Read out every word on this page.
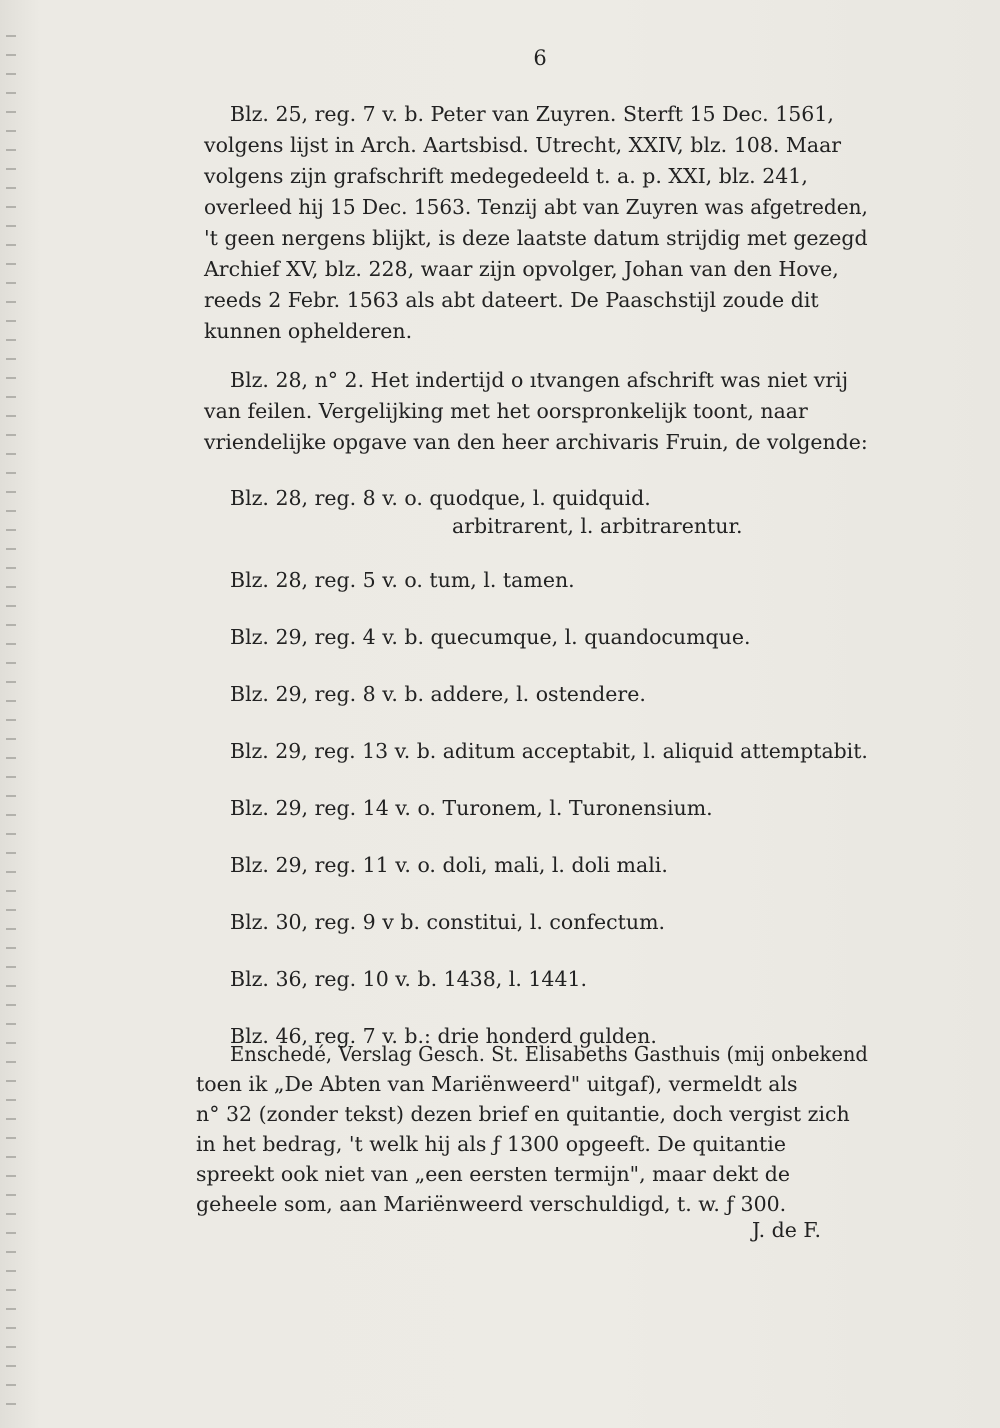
6
Blz. 25, reg. 7 v. b. Peter van Zuyren. Sterft 15 Dec. 1561,
volgens lijst in Arch. Aartsbisd. Utrecht, XXIV, blz. 108. Maar
volgens zijn grafschrift medegedeeld t. a. p. XXI, blz. 241,
overleed hij 15 Dec. 1563. Tenzij abt van Zuyren was afgetreden,
't geen nergens blijkt, is deze laatste datum strijdig met gezegd
Archief XV, blz. 228, waar zijn opvolger, Johan van den Hove,
reeds 2 Febr. 1563 als abt dateert. De Paaschstijl zoude dit
kunnen ophelderen.
Blz. 28, n° 2. Het indertijd o ıtvangen afschrift was niet vrij
van feilen. Vergelijking met het oorspronkelijk toont, naar
vriendelijke opgave van den heer archivaris Fruin, de volgende:
Blz. 28, reg. 8 v. o. quodque, l. quidquid.
arbitrarent, l. arbitrarentur.
Blz. 28, reg. 5 v. o. tum, l. tamen.
Blz. 29, reg. 4 v. b. quecumque, l. quandocumque.
Blz. 29, reg. 8 v. b. addere, l. ostendere.
Blz. 29, reg. 13 v. b. aditum acceptabit, l. aliquid attemptabit.
Blz. 29, reg. 14 v. o. Turonem, l. Turonensium.
Blz. 29, reg. 11 v. o. doli, mali, l. doli mali.
Blz. 30, reg. 9 v b. constitui, l. confectum.
Blz. 36, reg. 10 v. b. 1438, l. 1441.
Blz. 46, reg. 7 v. b.: drie honderd gulden.
Enschedé, Verslag Gesch. St. Elisabeths Gasthuis (mij onbekend
toen ik „De Abten van Mariënweerd" uitgaf), vermeldt als
n° 32 (zonder tekst) dezen brief en quitantie, doch vergist zich
in het bedrag, 't welk hij als ƒ 1300 opgeeft. De quitantie
spreekt ook niet van „een eersten termijn", maar dekt de
geheele som, aan Mariënweerd verschuldigd, t. w. ƒ 300.
J. de F.
